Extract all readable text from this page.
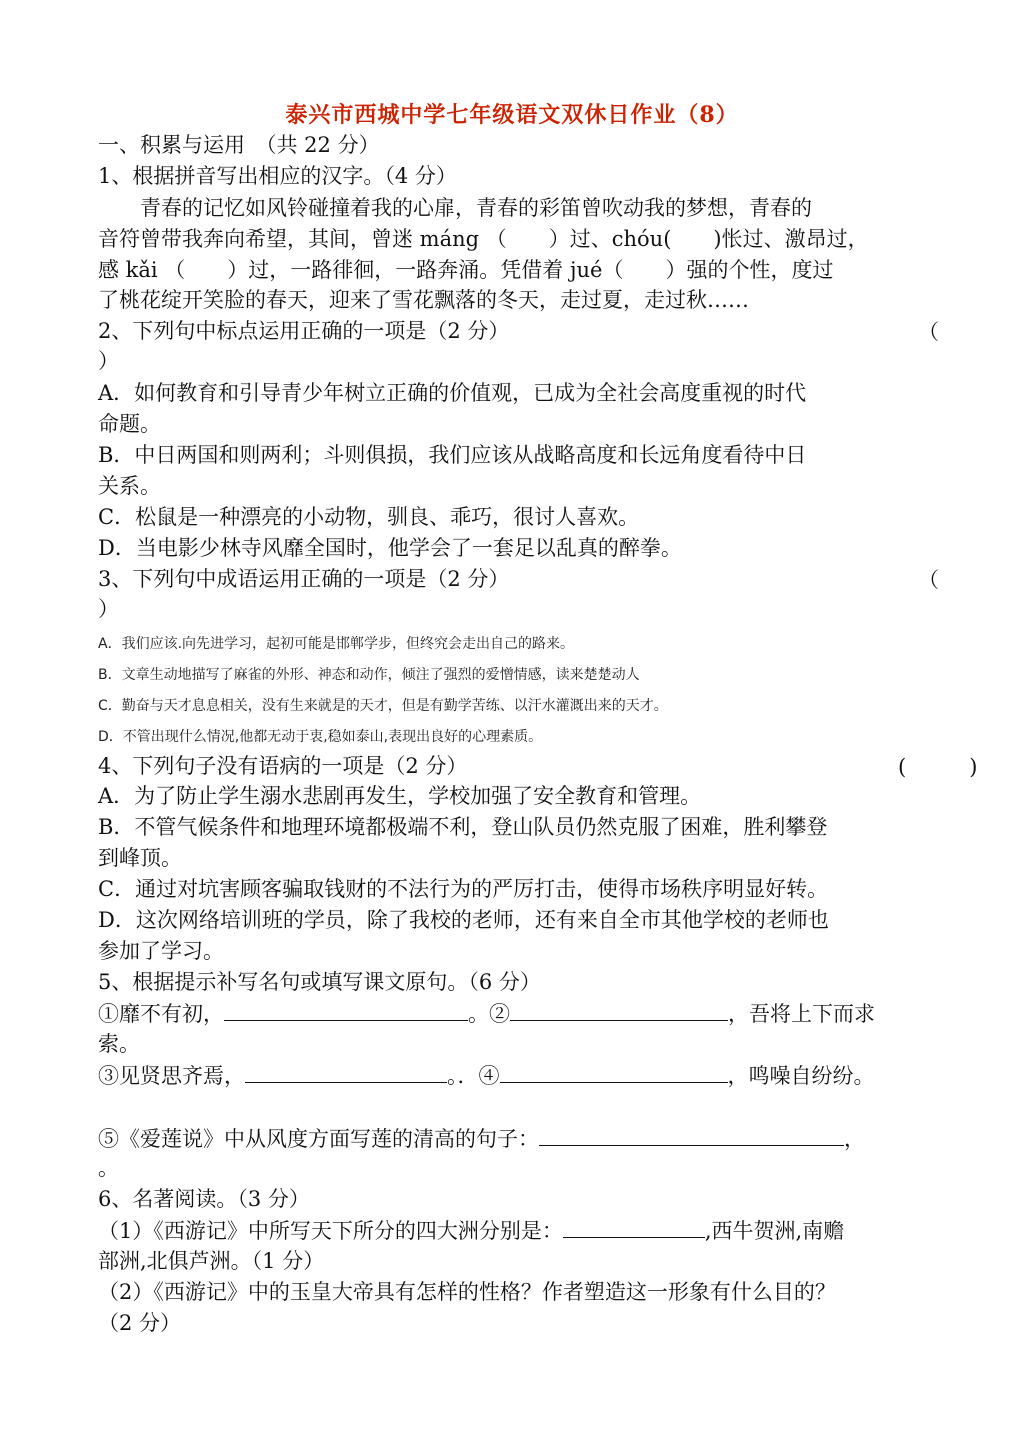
泰兴市西城中学七年级语文双休日作业（8）
一、积累与运用　（共 22 分）
1、根据拼音写出相应的汉字。（4 分）
　　青春的记忆如风铃碰撞着我的心扉，青春的彩笛曾吹动我的梦想，青春的
音符曾带我奔向希望，其间，曾迷 máng （　　）过、chóu(　　)怅过、激昂过，
感 kǎi （　　）过，一路徘徊，一路奔涌。凭借着 jué（　　）强的个性，度过
了桃花绽开笑脸的春天，迎来了雪花飘落的冬天，走过夏，走过秋……
2、下列句中标点运用正确的一项是（2 分）	（
）
A．如何教育和引导青少年树立正确的价值观，已成为全社会高度重视的时代
命题。
B．中日两国和则两利；斗则俱损，我们应该从战略高度和长远角度看待中日
关系。
C．松鼠是一种漂亮的小动物，驯良、乖巧，很讨人喜欢。
D．当电影少林寺风靡全国时，他学会了一套足以乱真的醉拳。
3、下列句中成语运用正确的一项是（2 分）	（
）
A．我们应该.向先进学习，起初可能是邯郸学步，但终究会走出自己的路来。
B．文章生动地描写了麻雀的外形、神态和动作，倾注了强烈的爱憎情感，读来楚楚动人
C．勤奋与天才息息相关，没有生来就是的天才，但是有勤学苦练、以汗水灌溉出来的天才。
D．不管出现什么情况,他都无动于衷,稳如泰山,表现出良好的心理素质。
4、下列句子没有语病的一项是（2 分）	(　　　)
A．为了防止学生溺水悲剧再发生，学校加强了安全教育和管理。
B．不管气候条件和地理环境都极端不利，登山队员仍然克服了困难，胜利攀登
到峰顶。
C．通过对坑害顾客骗取钱财的不法行为的严厉打击，使得市场秩序明显好转。
D．这次网络培训班的学员，除了我校的老师，还有来自全市其他学校的老师也
参加了学习。
5、根据提示补写名句或填写课文原句。（6 分）
①靡不有初，	。②	，吾将上下而求
索。
③见贤思齐焉，	。．④	，鸣噪自纷纷。
⑤《爱莲说》中从风度方面写莲的清高的句子：	，
。
6、名著阅读。（3 分）
（1）《西游记》中所写天下所分的四大洲分别是：	,西牛贺洲,南赡
部洲,北俱芦洲。（1 分）
（2）《西游记》中的玉皇大帝具有怎样的性格？作者塑造这一形象有什么目的？
（2 分）
